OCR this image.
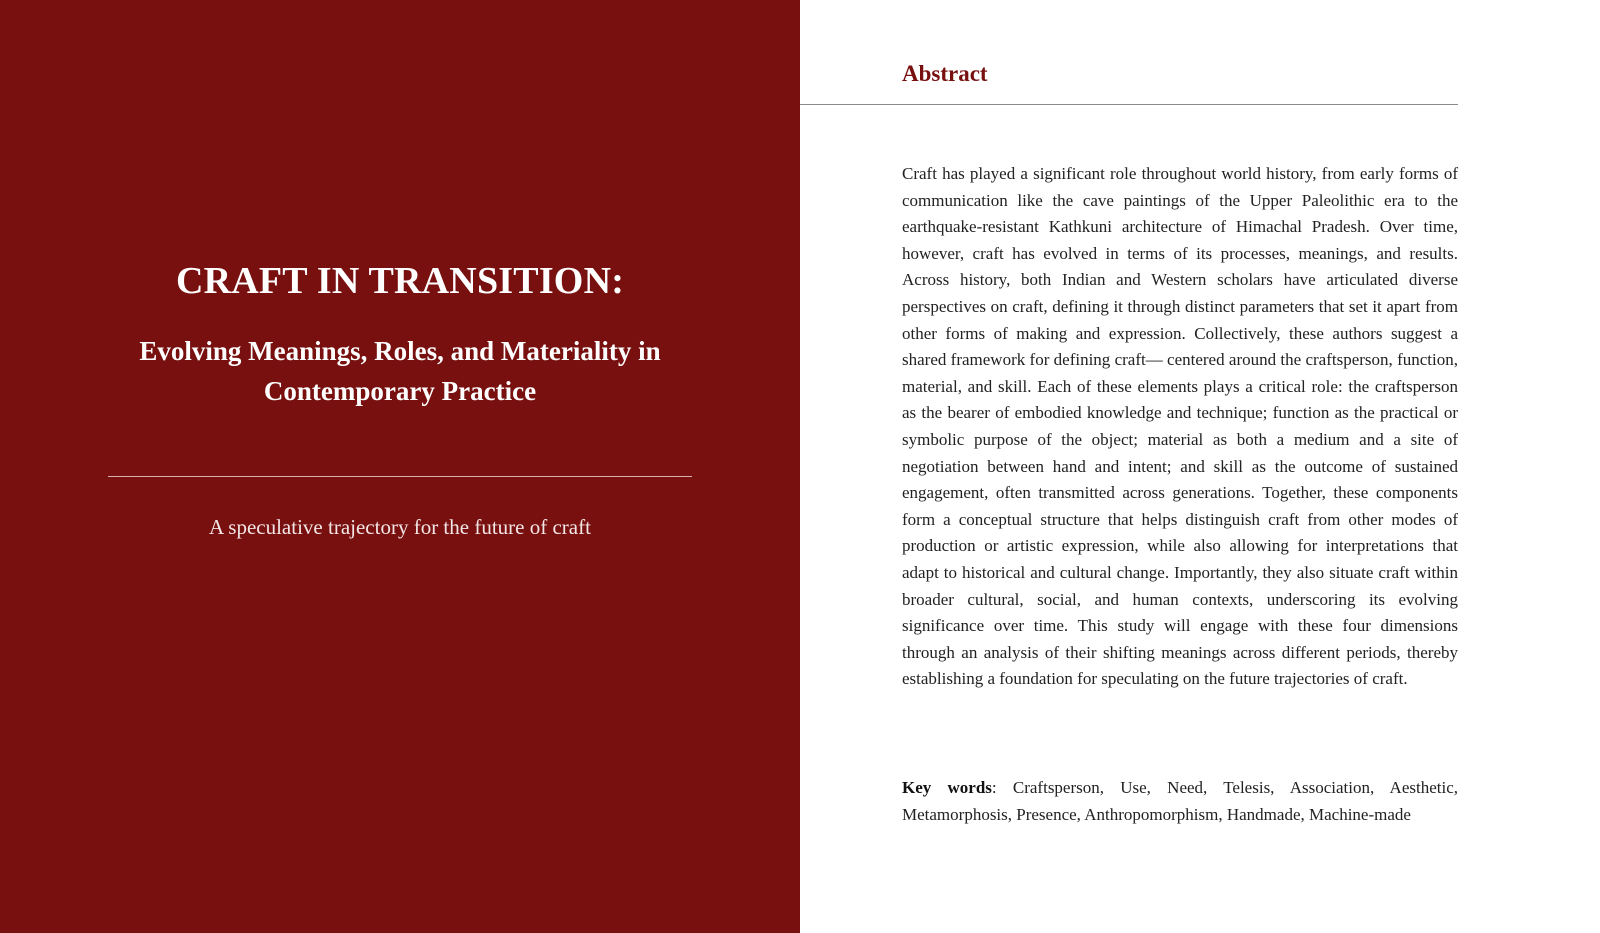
CRAFT IN TRANSITION:
Evolving Meanings, Roles, and Materiality in Contemporary Practice

A speculative trajectory for the future of craft

Abstract

Craft has played a significant role throughout world history, from early forms of communication like the cave paintings of the Upper Paleolithic era to the earthquake-resistant Kathkuni architecture of Himachal Pradesh. Over time, however, craft has evolved in terms of its processes, meanings, and results. Across history, both Indian and Western scholars have articulated diverse perspectives on craft, defining it through distinct parameters that set it apart from other forms of making and expression. Collectively, these authors suggest a shared framework for defining craft— centered around the craftsperson, function, material, and skill. Each of these elements plays a critical role: the craftsperson as the bearer of embodied knowledge and technique; function as the practical or symbolic purpose of the object; material as both a medium and a site of negotiation between hand and intent; and skill as the outcome of sustained engagement, often transmitted across generations. Together, these components form a conceptual structure that helps distinguish craft from other modes of production or artistic expression, while also allowing for interpretations that adapt to historical and cultural change. Importantly, they also situate craft within broader cultural, social, and human contexts, underscoring its evolving significance over time. This study will engage with these four dimensions through an analysis of their shifting meanings across different periods, thereby establishing a foundation for speculating on the future trajectories of craft.

Key words: Craftsperson, Use, Need, Telesis, Association, Aesthetic, Metamorphosis, Presence, Anthropomorphism, Handmade, Machine-made
